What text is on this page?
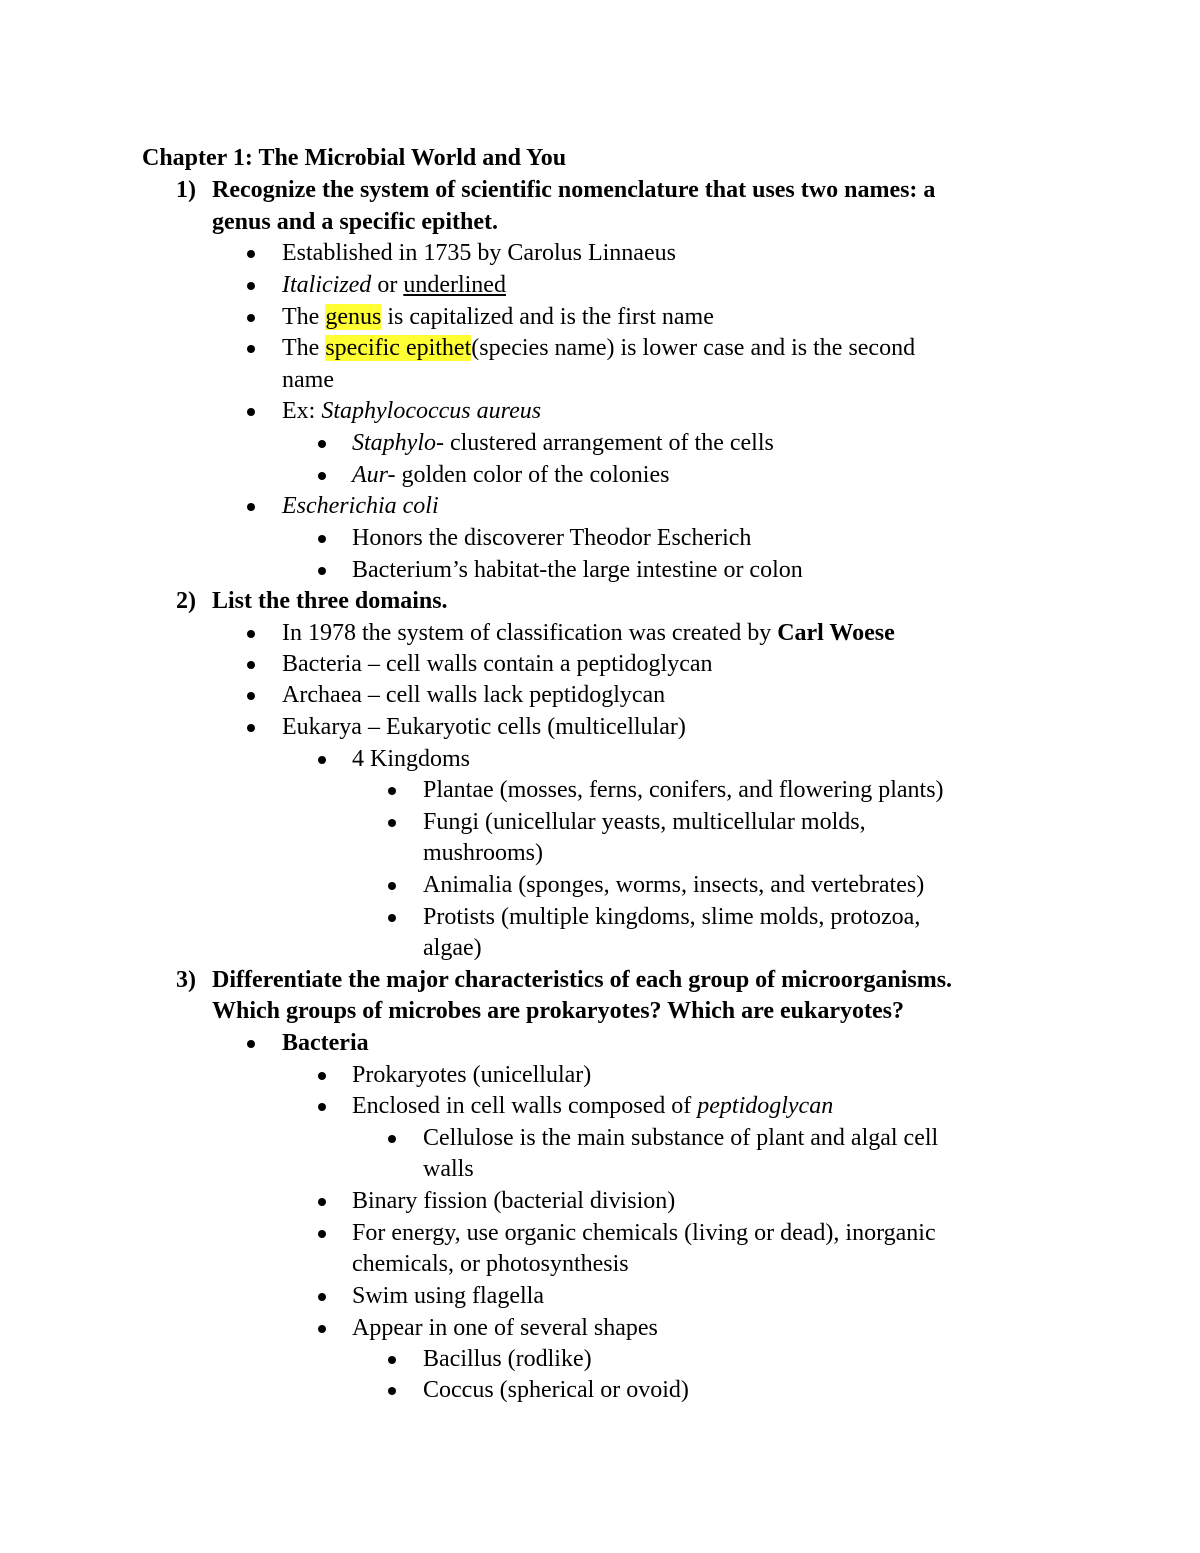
Chapter 1: The Microbial World and You
1) Recognize the system of scientific nomenclature that uses two names: a
genus and a specific epithet.
Established in 1735 by Carolus Linnaeus
Italicized or underlined
The genus is capitalized and is the first name
The specific epithet(species name) is lower case and is the second
name
Ex: Staphylococcus aureus
Staphylo- clustered arrangement of the cells
Aur- golden color of the colonies
Escherichia coli
Honors the discoverer Theodor Escherich
Bacterium’s habitat-the large intestine or colon
2) List the three domains.
In 1978 the system of classification was created by Carl Woese
Bacteria – cell walls contain a peptidoglycan
Archaea – cell walls lack peptidoglycan
Eukarya – Eukaryotic cells (multicellular)
4 Kingdoms
Plantae (mosses, ferns, conifers, and flowering plants)
Fungi (unicellular yeasts, multicellular molds,
mushrooms)
Animalia (sponges, worms, insects, and vertebrates)
Protists (multiple kingdoms, slime molds, protozoa,
algae)
3) Differentiate the major characteristics of each group of microorganisms.
Which groups of microbes are prokaryotes? Which are eukaryotes?
Bacteria
Prokaryotes (unicellular)
Enclosed in cell walls composed of peptidoglycan
Cellulose is the main substance of plant and algal cell
walls
Binary fission (bacterial division)
For energy, use organic chemicals (living or dead), inorganic
chemicals, or photosynthesis
Swim using flagella
Appear in one of several shapes
Bacillus (rodlike)
Coccus (spherical or ovoid)
